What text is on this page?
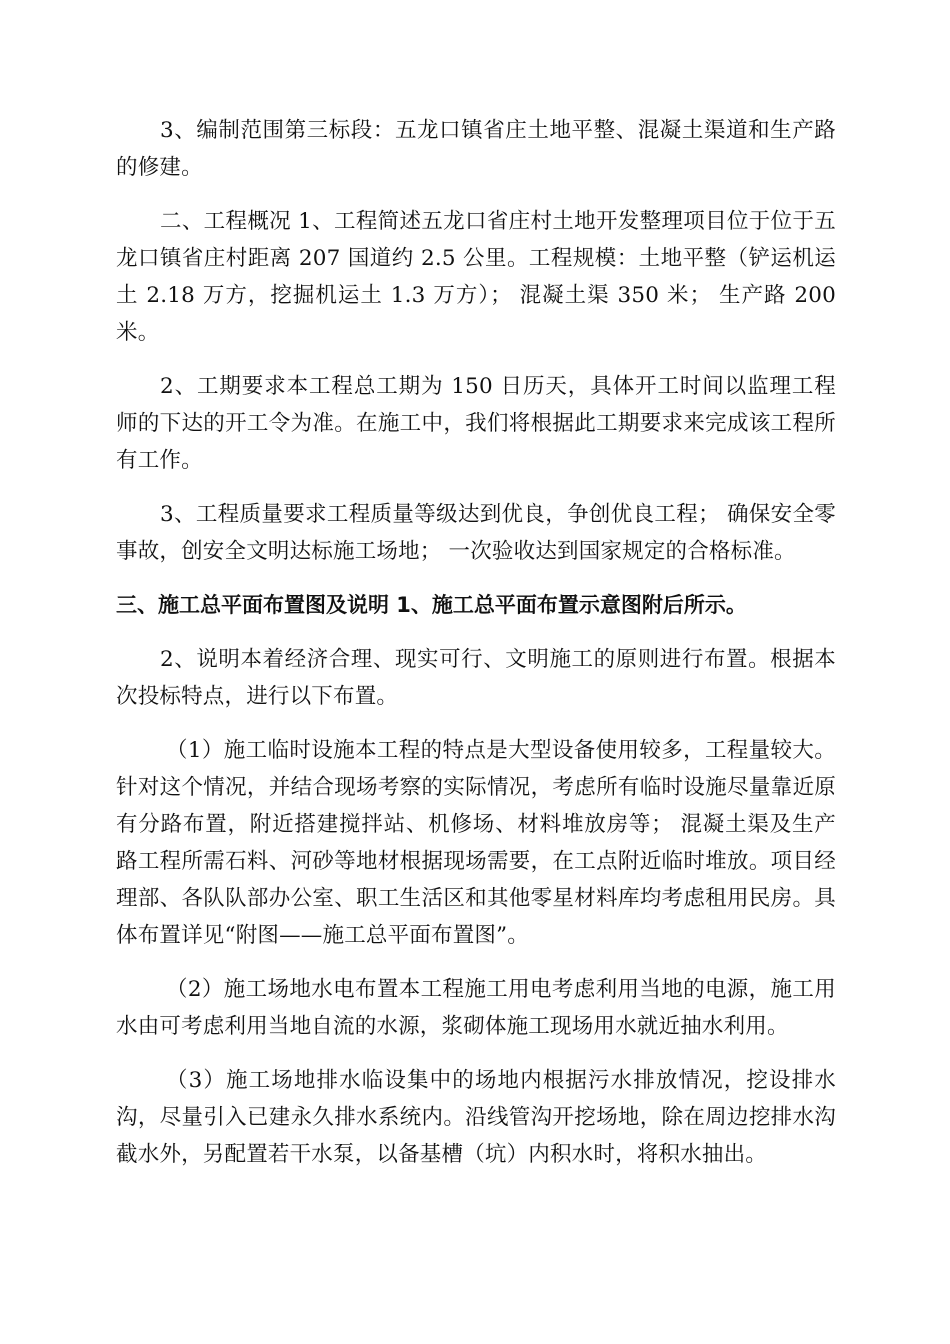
3、编制范围第三标段：五龙口镇省庄土地平整、混凝土渠道和生产路的修建。

二、工程概况 1、工程简述五龙口省庄村土地开发整理项目位于位于五龙口镇省庄村距离 207 国道约 2.5 公里。工程规模：土地平整（铲运机运土 2.18 万方，挖掘机运土 1.3 万方）； 混凝土渠 350 米； 生产路 200 米。

2、工期要求本工程总工期为 150 日历天，具体开工时间以监理工程师的下达的开工令为准。在施工中，我们将根据此工期要求来完成该工程所有工作。

3、工程质量要求工程质量等级达到优良，争创优良工程； 确保安全零事故，创安全文明达标施工场地； 一次验收达到国家规定的合格标准。

三、施工总平面布置图及说明 1、施工总平面布置示意图附后所示。

2、说明本着经济合理、现实可行、文明施工的原则进行布置。根据本次投标特点，进行以下布置。

（1）施工临时设施本工程的特点是大型设备使用较多，工程量较大。针对这个情况，并结合现场考察的实际情况，考虑所有临时设施尽量靠近原有分路布置，附近搭建搅拌站、机修场、材料堆放房等； 混凝土渠及生产路工程所需石料、河砂等地材根据现场需要，在工点附近临时堆放。项目经理部、各队队部办公室、职工生活区和其他零星材料库均考虑租用民房。具体布置详见“附图——施工总平面布置图”。

（2）施工场地水电布置本工程施工用电考虑利用当地的电源，施工用水由可考虑利用当地自流的水源，浆砌体施工现场用水就近抽水利用。

（3）施工场地排水临设集中的场地内根据污水排放情况，挖设排水沟，尽量引入已建永久排水系统内。沿线管沟开挖场地，除在周边挖排水沟截水外，另配置若干水泵，以备基槽（坑）内积水时，将积水抽出。
